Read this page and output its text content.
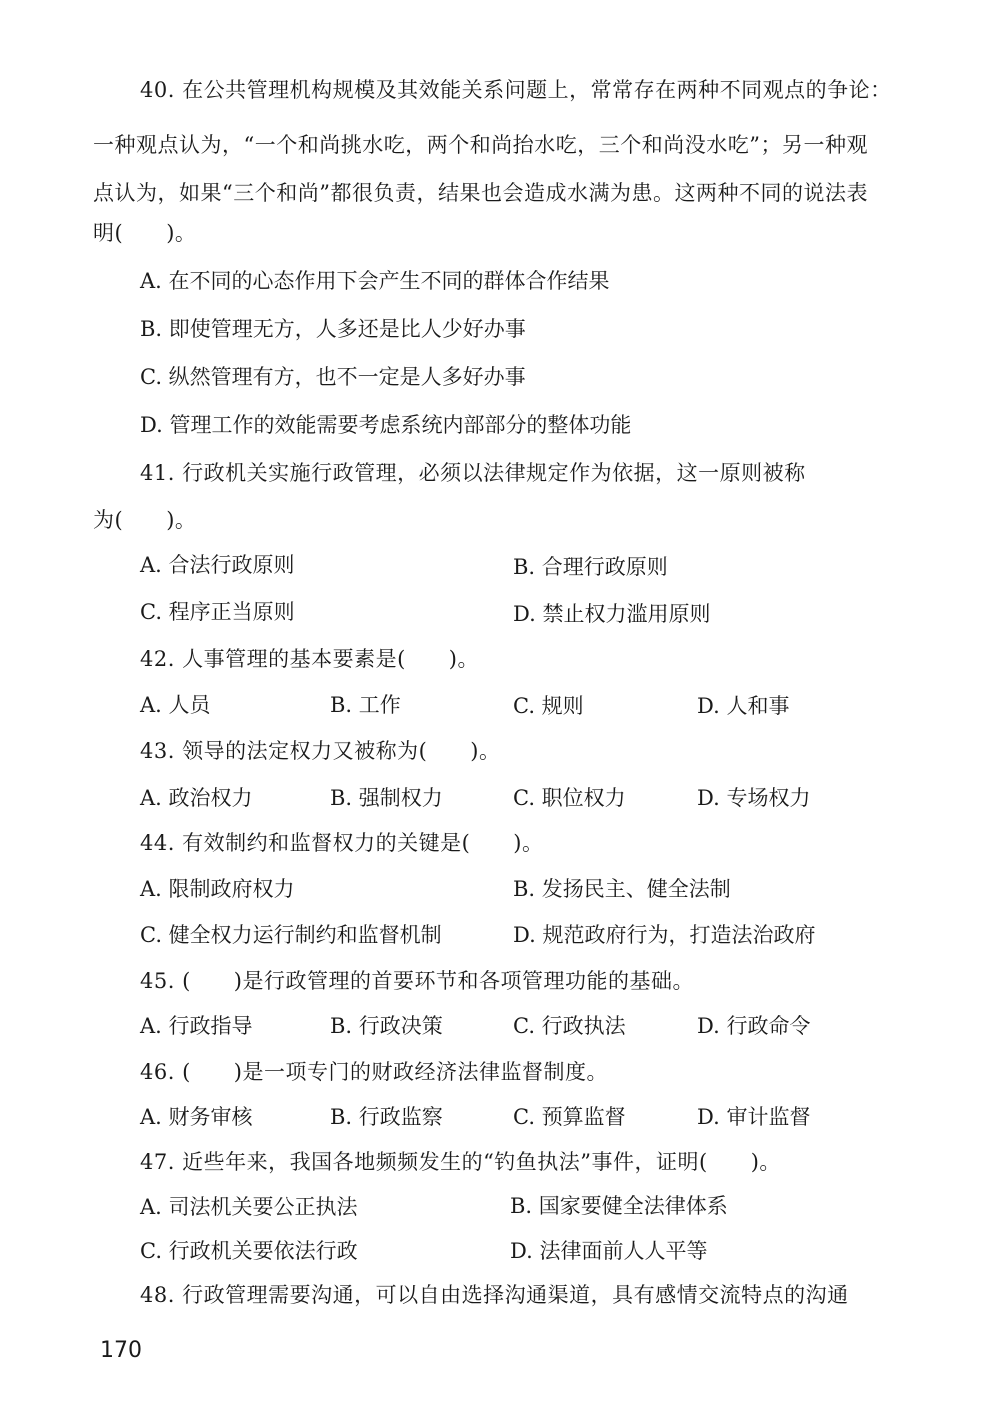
40. 在公共管理机构规模及其效能关系问题上，常常存在两种不同观点的争论：
一种观点认为，“一个和尚挑水吃，两个和尚抬水吃，三个和尚没水吃”；另一种观
点认为，如果“三个和尚”都很负责，结果也会造成水满为患。这两种不同的说法表
明(　　)。
A. 在不同的心态作用下会产生不同的群体合作结果
B. 即使管理无方，人多还是比人少好办事
C. 纵然管理有方，也不一定是人多好办事
D. 管理工作的效能需要考虑系统内部部分的整体功能
41. 行政机关实施行政管理，必须以法律规定作为依据，这一原则被称
为(　　)。
A. 合法行政原则	B. 合理行政原则
C. 程序正当原则	D. 禁止权力滥用原则
42. 人事管理的基本要素是(　　)。
A. 人员	B. 工作	C. 规则	D. 人和事
43. 领导的法定权力又被称为(　　)。
A. 政治权力	B. 强制权力	C. 职位权力	D. 专场权力
44. 有效制约和监督权力的关键是(　　)。
A. 限制政府权力	B. 发扬民主、健全法制
C. 健全权力运行制约和监督机制	D. 规范政府行为，打造法治政府
45. (　　)是行政管理的首要环节和各项管理功能的基础。
A. 行政指导	B. 行政决策	C. 行政执法	D. 行政命令
46. (　　)是一项专门的财政经济法律监督制度。
A. 财务审核	B. 行政监察	C. 预算监督	D. 审计监督
47. 近些年来，我国各地频频发生的“钓鱼执法”事件，证明(　　)。
A. 司法机关要公正执法	B. 国家要健全法律体系
C. 行政机关要依法行政	D. 法律面前人人平等
48. 行政管理需要沟通，可以自由选择沟通渠道，具有感情交流特点的沟通
170
